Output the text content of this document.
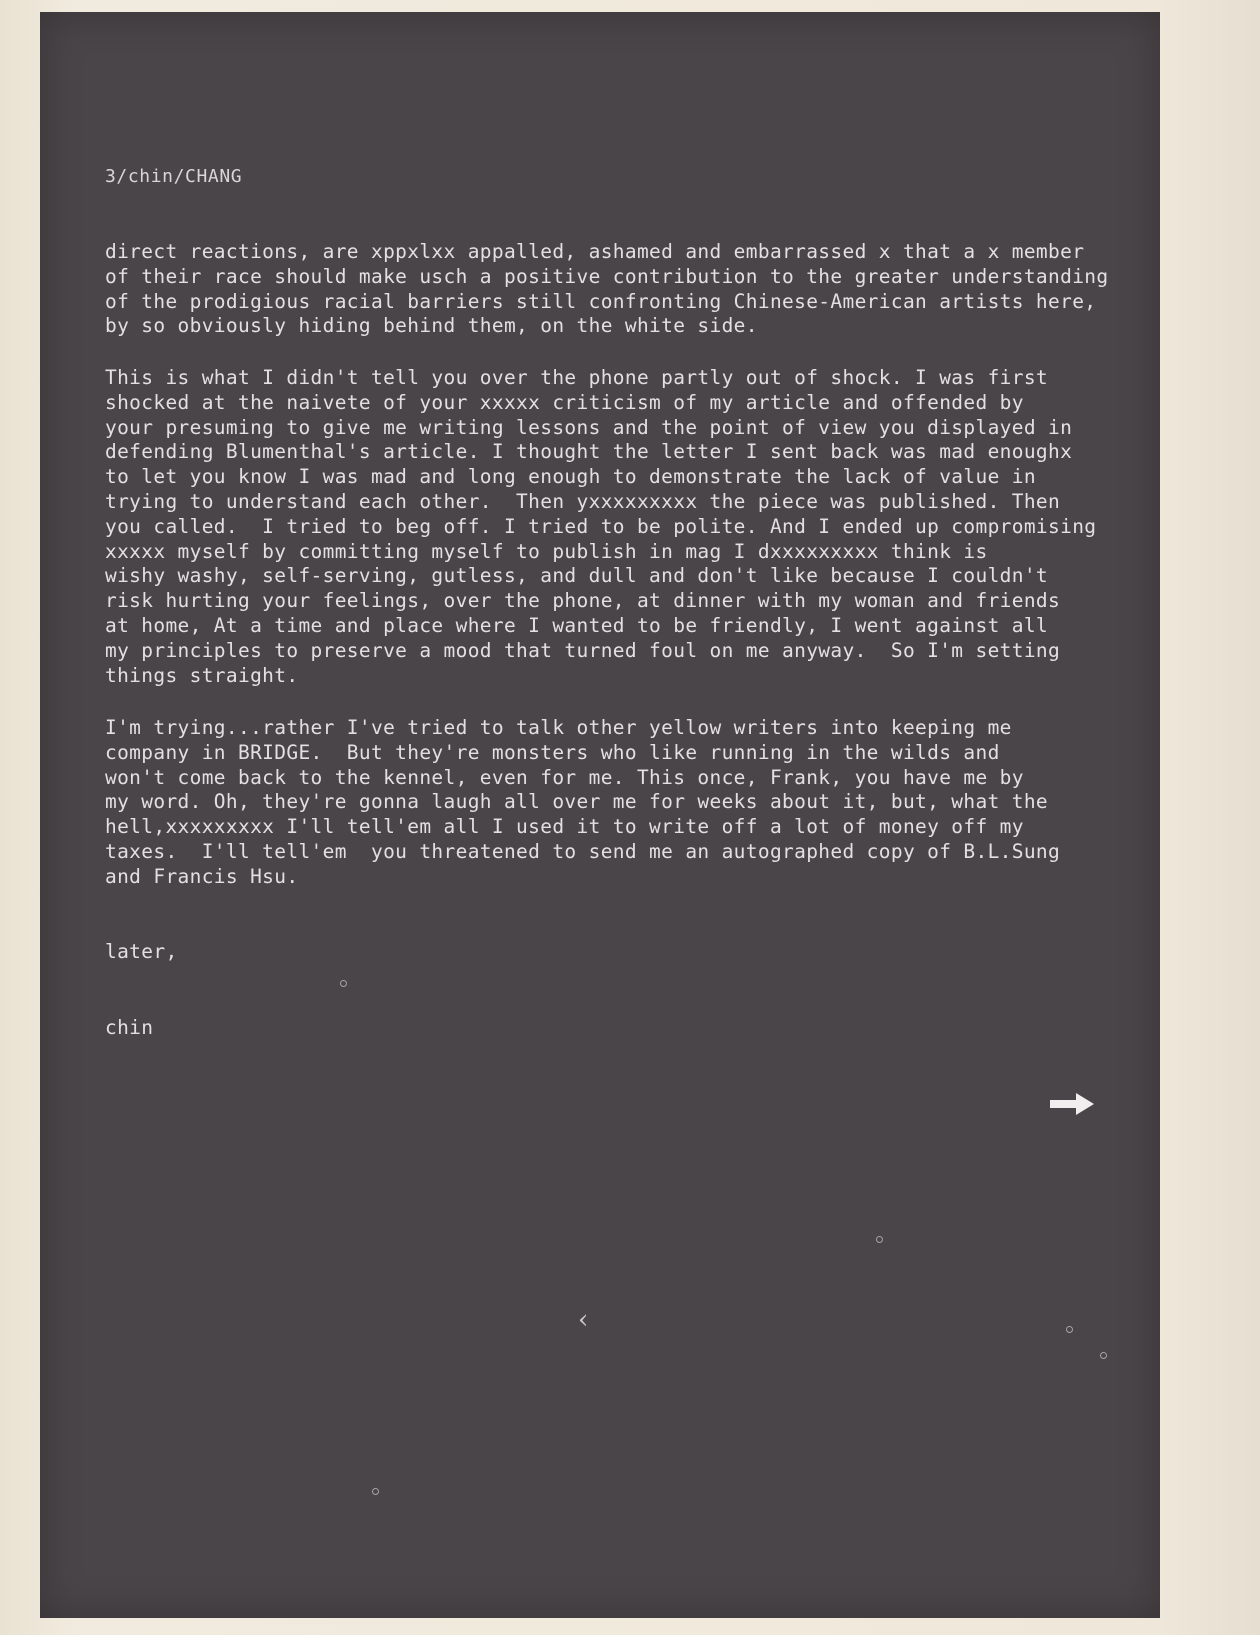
3/chin/CHANG
direct reactions, are xppxlxx appalled, ashamed and embarrassed x that a x member
of their race should make usch a positive contribution to the greater understanding
of the prodigious racial barriers still confronting Chinese-American artists here,
by so obviously hiding behind them, on the white side.
This is what I didn't tell you over the phone partly out of shock. I was first
shocked at the naivete of your xxxxx criticism of my article and offended by
your presuming to give me writing lessons and the point of view you displayed in
defending Blumenthal's article. I thought the letter I sent back was mad enoughx
to let you know I was mad and long enough to demonstrate the lack of value in
trying to understand each other.  Then yxxxxxxxxx the piece was published. Then
you called.  I tried to beg off. I tried to be polite. And I ended up compromising
xxxxx myself by committing myself to publish in mag I dxxxxxxxxx think is
wishy washy, self-serving, gutless, and dull and don't like because I couldn't
risk hurting your feelings, over the phone, at dinner with my woman and friends
at home, At a time and place where I wanted to be friendly, I went against all
my principles to preserve a mood that turned foul on me anyway.  So I'm setting
things straight.
I'm trying...rather I've tried to talk other yellow writers into keeping me
company in BRIDGE.  But they're monsters who like running in the wilds and
won't come back to the kennel, even for me. This once, Frank, you have me by
my word. Oh, they're gonna laugh all over me for weeks about it, but, what the
hell,xxxxxxxxx I'll tell'em all I used it to write off a lot of money off my
taxes.  I'll tell'em  you threatened to send me an autographed copy of B.L.Sung
and Francis Hsu.
later,
chin
‹
